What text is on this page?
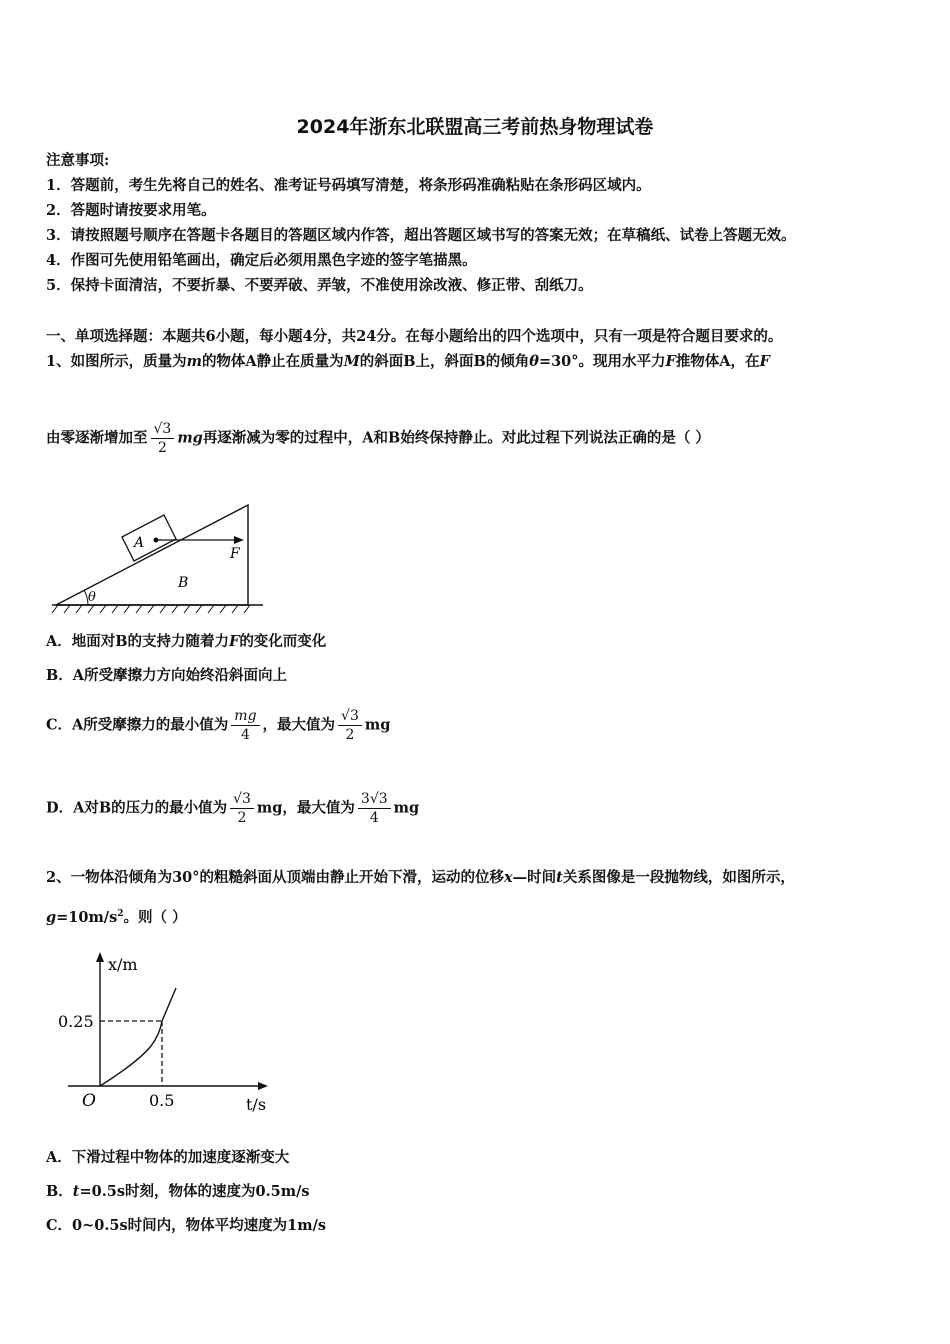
2024年浙东北联盟高三考前热身物理试卷
注意事项:
1．答题前，考生先将自己的姓名、准考证号码填写清楚，将条形码准确粘贴在条形码区域内。
2．答题时请按要求用笔。
3．请按照题号顺序在答题卡各题目的答题区域内作答，超出答题区域书写的答案无效；在草稿纸、试卷上答题无效。
4．作图可先使用铅笔画出，确定后必须用黑色字迹的签字笔描黑。
5．保持卡面清洁，不要折暴、不要弄破、弄皱，不准使用涂改液、修正带、刮纸刀。
一、单项选择题：本题共6小题，每小题4分，共24分。在每小题给出的四个选项中，只有一项是符合题目要求的。
1、如图所示，质量为m的物体A静止在质量为M的斜面B上，斜面B的倾角θ=30°。现用水平力F推物体A，在F
由零逐渐增加至 $\frac{√3}{2}$ mg再逐渐减为零的过程中，A和B始终保持静止。对此过程下列说法正确的是（ ）
θ
A
F
B
A．地面对B的支持力随着力F的变化而变化
B．A所受摩擦力方向始终沿斜面向上
C．A所受摩擦力的最小值为 $\frac{mg}{4}$ ，最大值为 $\frac{√3}{2}$ mg
D．A对B的压力的最小值为 $\frac{√3}{2}$ mg，最大值为 $\frac{3√3}{4}$ mg
2、一物体沿倾角为30°的粗糙斜面从顶端由静止开始下滑，运动的位移x—时间t关系图像是一段抛物线，如图所示，
$g=10m/s^2$。则（ ）
x/m
t/s
O
0.25
0.5
A．下滑过程中物体的加速度逐渐变大
B．t=0.5s时刻，物体的速度为0.5m/s
C．0~0.5s时间内，物体平均速度为1m/s
